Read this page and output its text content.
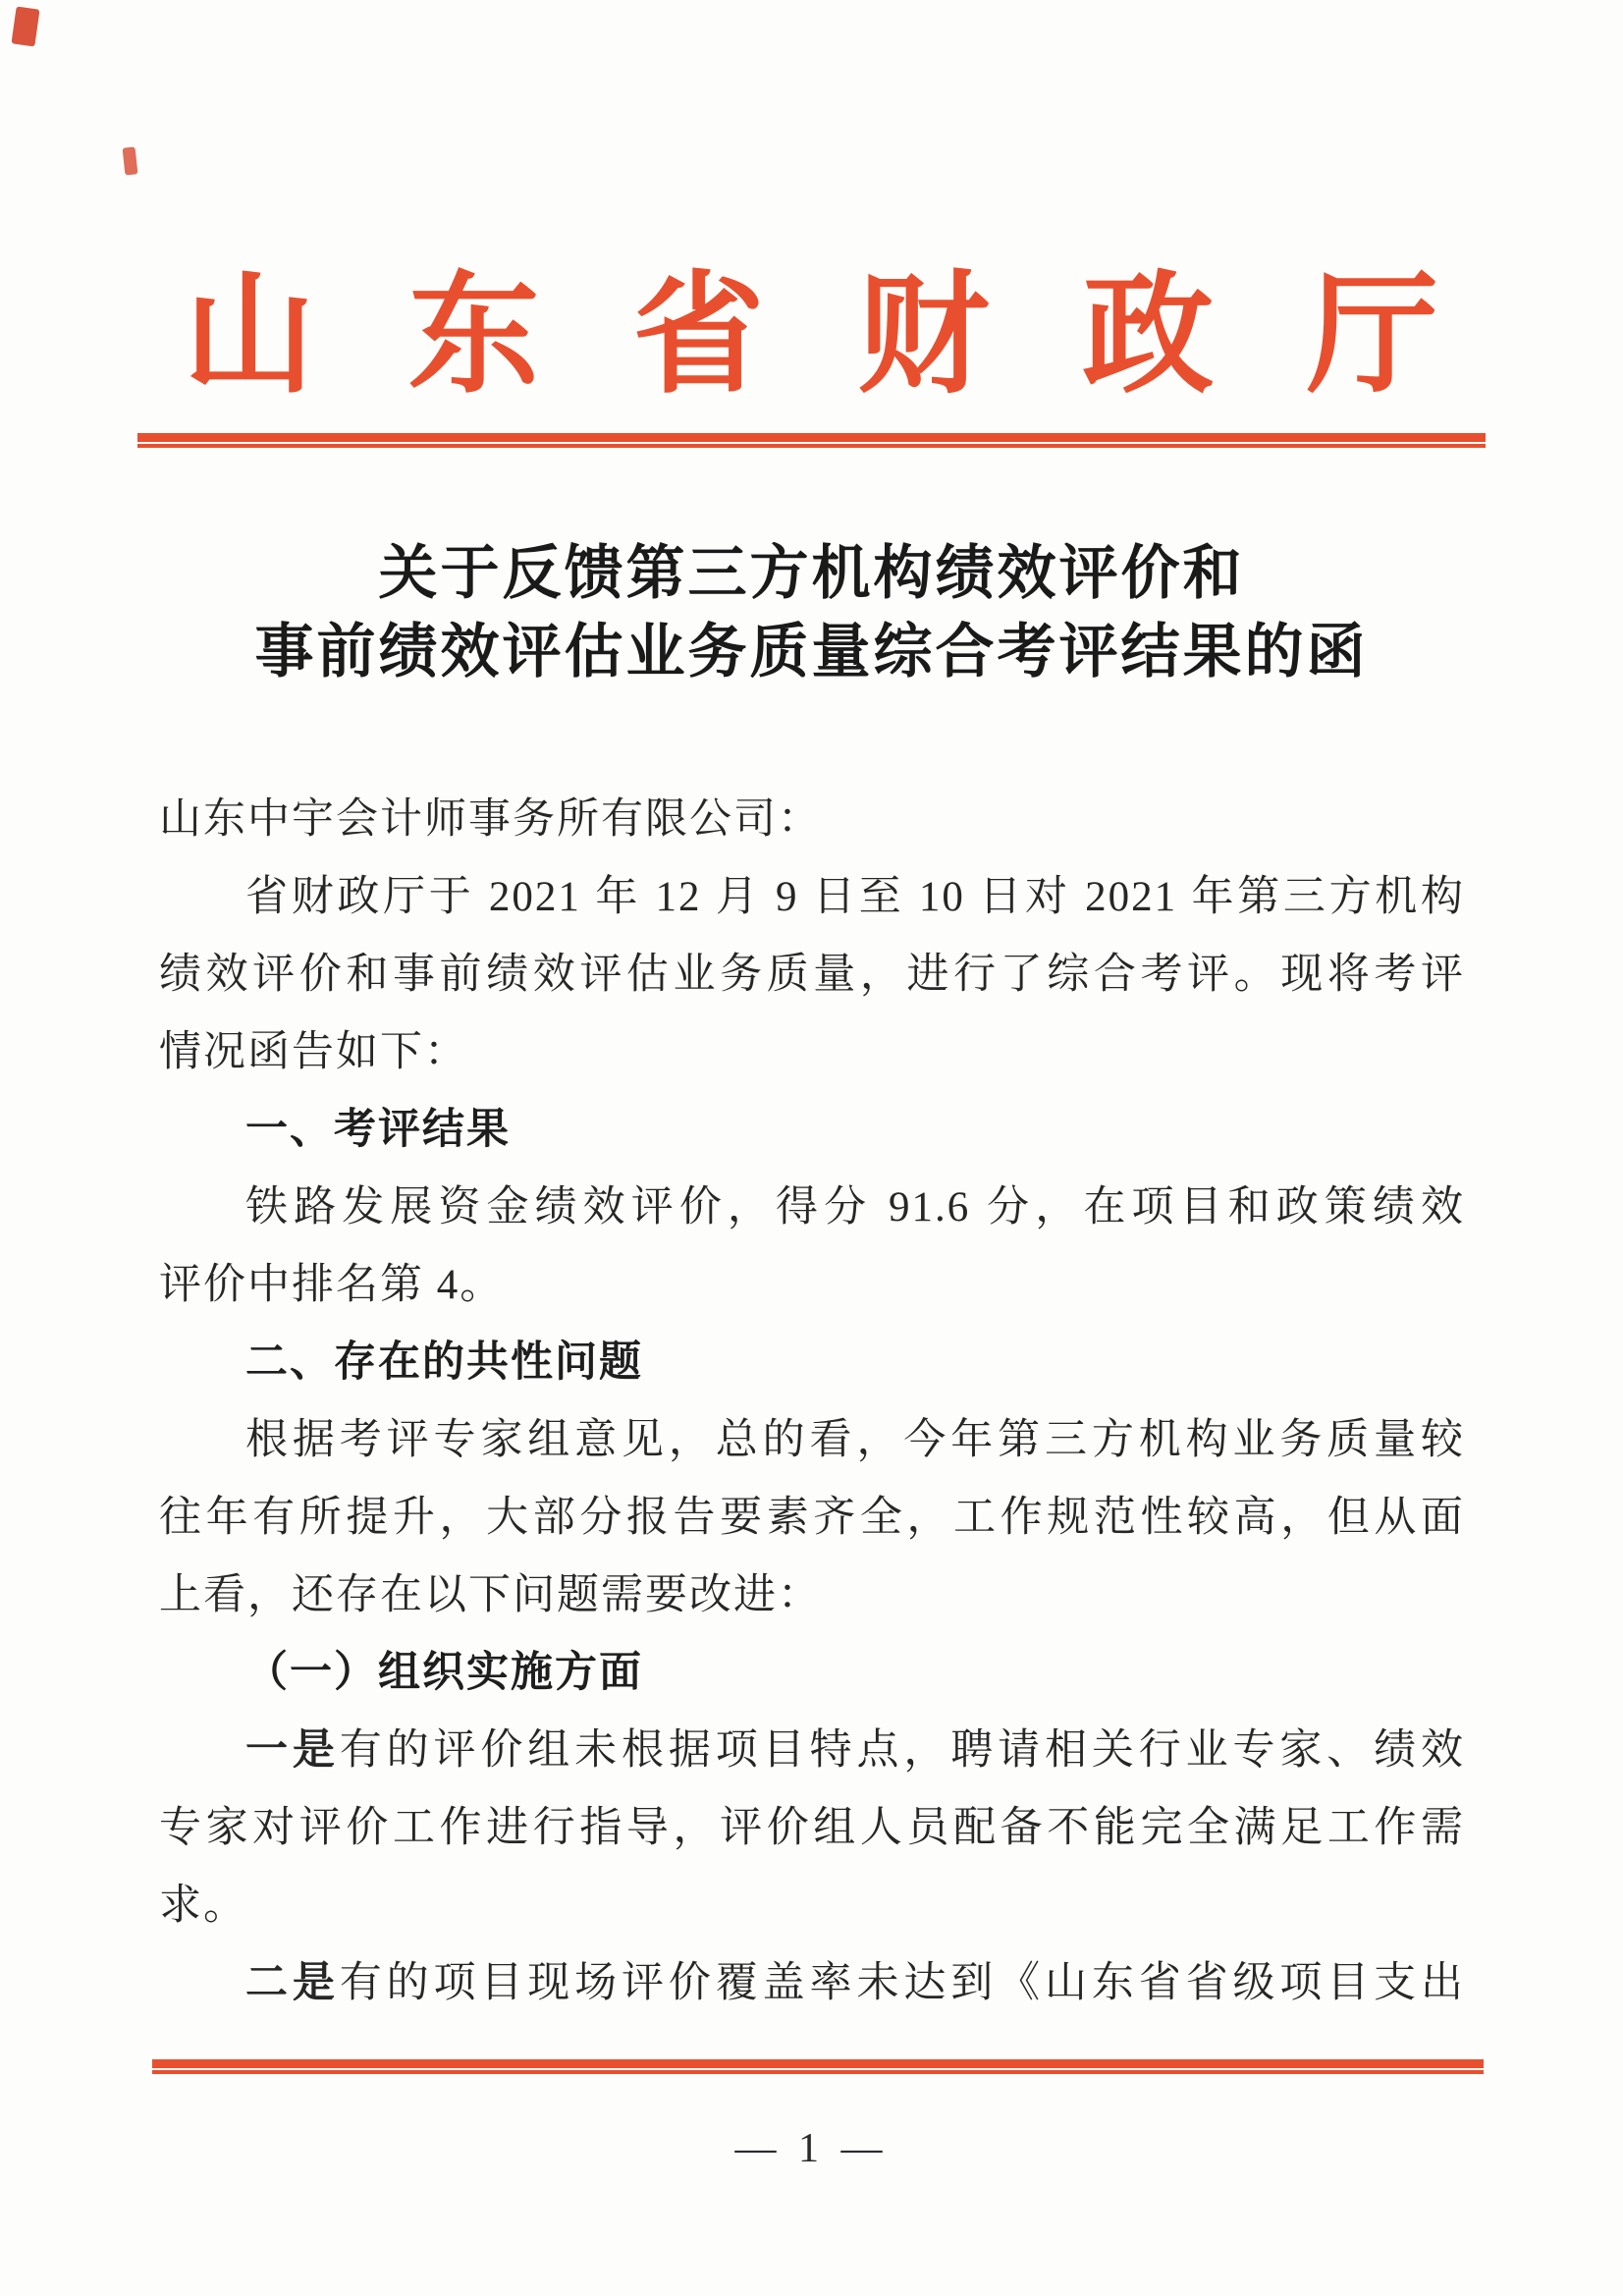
山 东 省 财 政 厅
关于反馈第三方机构绩效评价和
事前绩效评估业务质量综合考评结果的函
山东中宇会计师事务所有限公司：
省财政厅于 2021 年 12 月 9 日至 10 日对 2021 年第三方机构
绩效评价和事前绩效评估业务质量，进行了综合考评。现将考评
情况函告如下：
一、考评结果
铁路发展资金绩效评价，得分 91.6 分，在项目和政策绩效
评价中排名第 4。
二、存在的共性问题
根据考评专家组意见，总的看，今年第三方机构业务质量较
往年有所提升，大部分报告要素齐全，工作规范性较高，但从面
上看，还存在以下问题需要改进：
（一）组织实施方面
一是有的评价组未根据项目特点，聘请相关行业专家、绩效
专家对评价工作进行指导，评价组人员配备不能完全满足工作需
求。
二是有的项目现场评价覆盖率未达到《山东省省级项目支出
— 1 —
